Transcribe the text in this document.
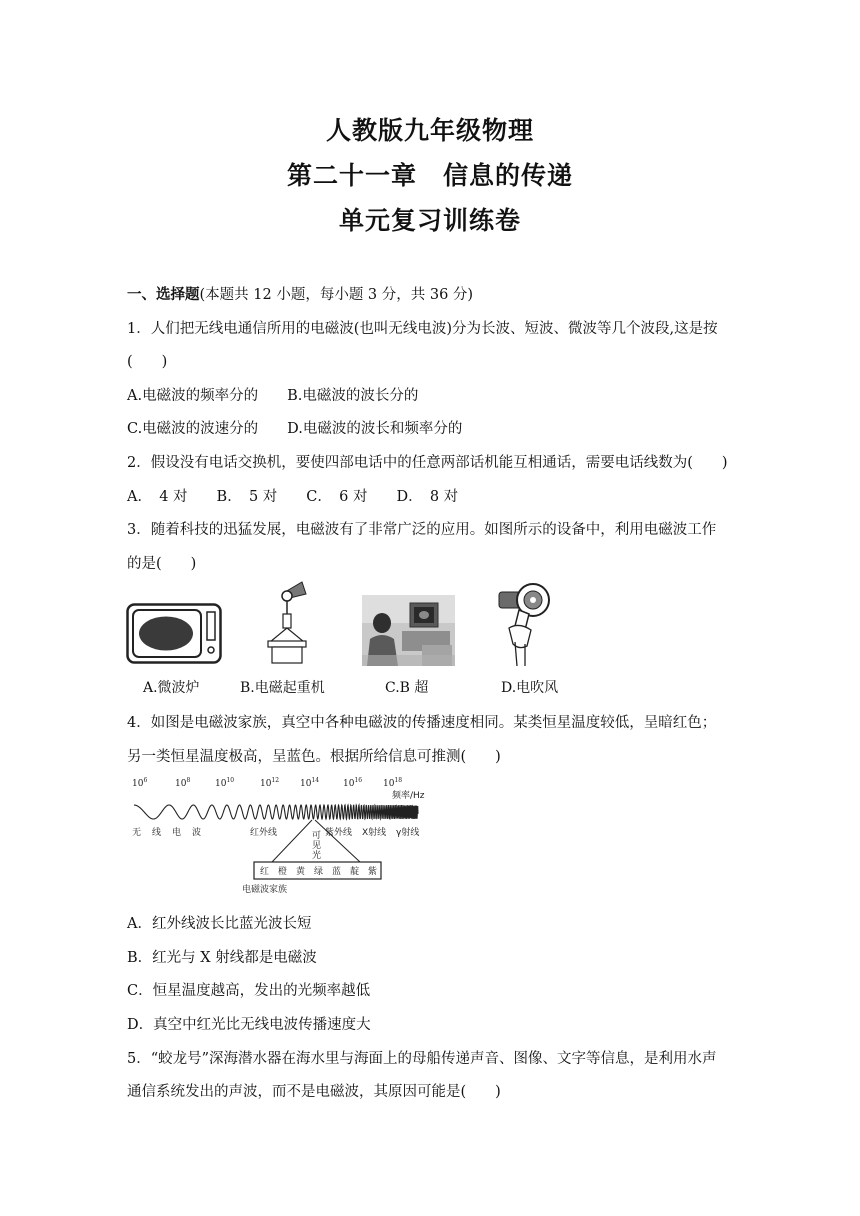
人教版九年级物理
第二十一章　信息的传递
单元复习训练卷
一、选择题(本题共 12 小题，每小题 3 分，共 36 分)
1．人们把无线电通信所用的电磁波(也叫无线电波)分为长波、短波、微波等几个波段,这是按
(　　)
A.电磁波的频率分的　　B.电磁波的波长分的
C.电磁波的波速分的　　D.电磁波的波长和频率分的
2．假设没有电话交换机，要使四部电话中的任意两部话机能互相通话，需要电话线数为(　　)
A．　4 对　　B．　5 对　　C．　6 对　　D．　8 对
3．随着科技的迅猛发展，电磁波有了非常广泛的应用。如图所示的设备中，利用电磁波工作
的是(　　)
A.微波炉	B.电磁起重机	C.B 超	D.电吹风
4．如图是电磁波家族，真空中各种电磁波的传播速度相同。某类恒星温度较低，呈暗红色；
另一类恒星温度极高，呈蓝色。根据所给信息可推测(　　)
$10^6$	$10^8$	$10^{10}$	$10^{12}$ $10^{14}$	$10^{16}$ $10^{18}$
频率/Hz
无　线　电　波	红外线	可
见
光
紫外线 X射线 γ射线
红　橙　黄　绿　蓝　靛　紫
电磁波家族
A．红外线波长比蓝光波长短
B．红光与 X 射线都是电磁波
C．恒星温度越高，发出的光频率越低
D．真空中红光比无线电波传播速度大
5．“蛟龙号”深海潜水器在海水里与海面上的母船传递声音、图像、文字等信息，是利用水声
通信系统发出的声波，而不是电磁波，其原因可能是(　　)
